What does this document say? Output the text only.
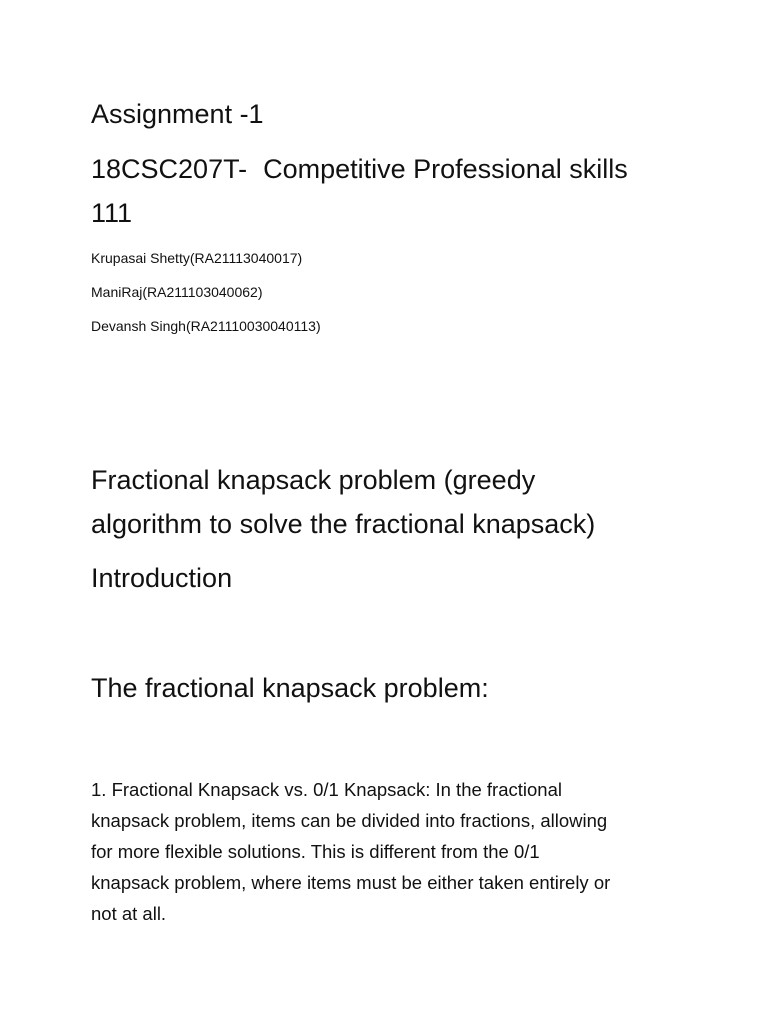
Assignment -1
18CSC207T- Competitive Professional skills
111
Krupasai Shetty(RA21113040017)
ManiRaj(RA211103040062)
Devansh Singh(RA21110030040113)
Fractional knapsack problem (greedy
algorithm to solve the fractional knapsack)
Introduction
The fractional knapsack problem:
1. Fractional Knapsack vs. 0/1 Knapsack: In the fractional
knapsack problem, items can be divided into fractions, allowing
for more flexible solutions. This is different from the 0/1
knapsack problem, where items must be either taken entirely or
not at all.
